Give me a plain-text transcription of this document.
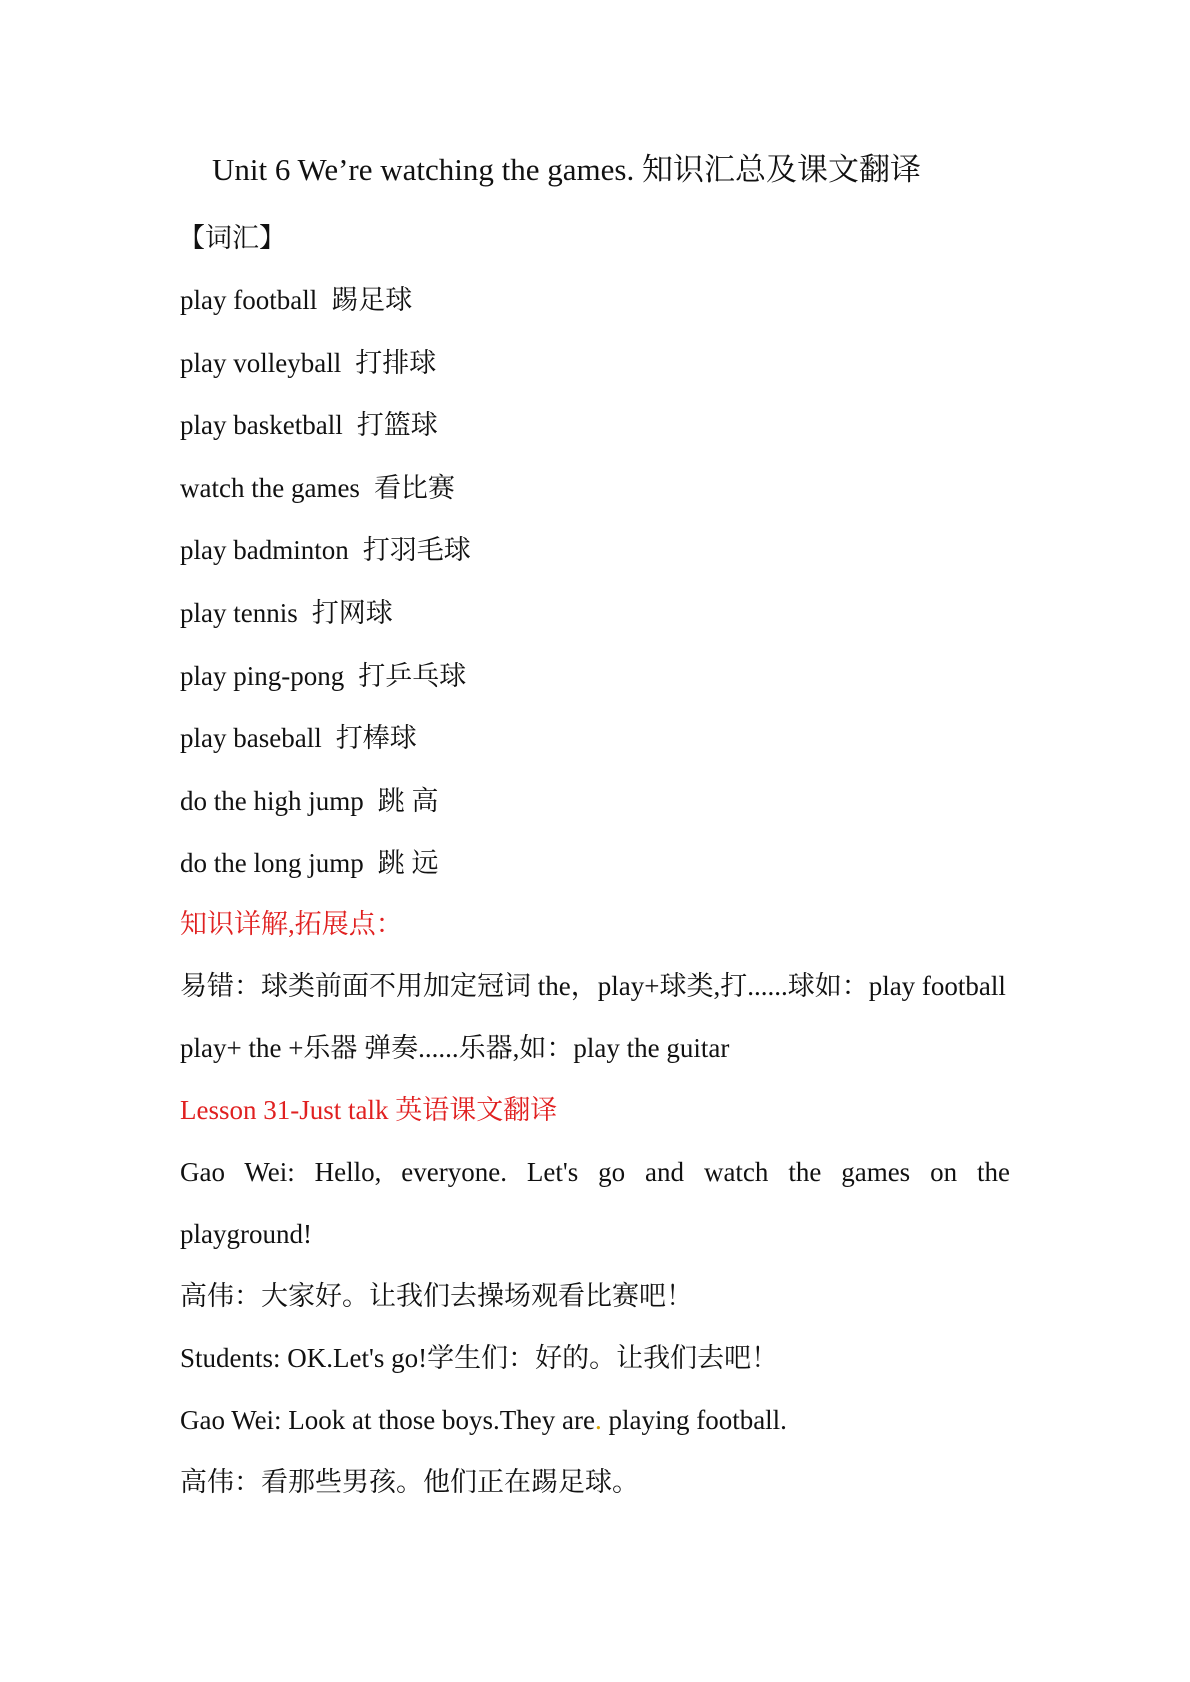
Unit 6 We’re watching the games. 知识汇总及课文翻译
【词汇】
play football 踢足球
play volleyball 打排球
play basketball 打篮球
watch the games 看比赛
play badminton 打羽毛球
play tennis 打网球
play ping-pong 打乒乓球
play baseball 打棒球
do the high jump 跳 高
do the long jump 跳 远
知识详解,拓展点：
易错：球类前面不用加定冠词 the，play+球类,打......球如：play football
play+ the +乐器 弹奏......乐器,如：play the guitar
Lesson 31-Just talk 英语课文翻译
Gao Wei: Hello, everyone. Let's go and watch the games on the
playground!
高伟：大家好。让我们去操场观看比赛吧！
Students: OK.Let's go!学生们：好的。让我们去吧！
Gao Wei: Look at those boys.They are. playing football.
高伟：看那些男孩。他们正在踢足球。
